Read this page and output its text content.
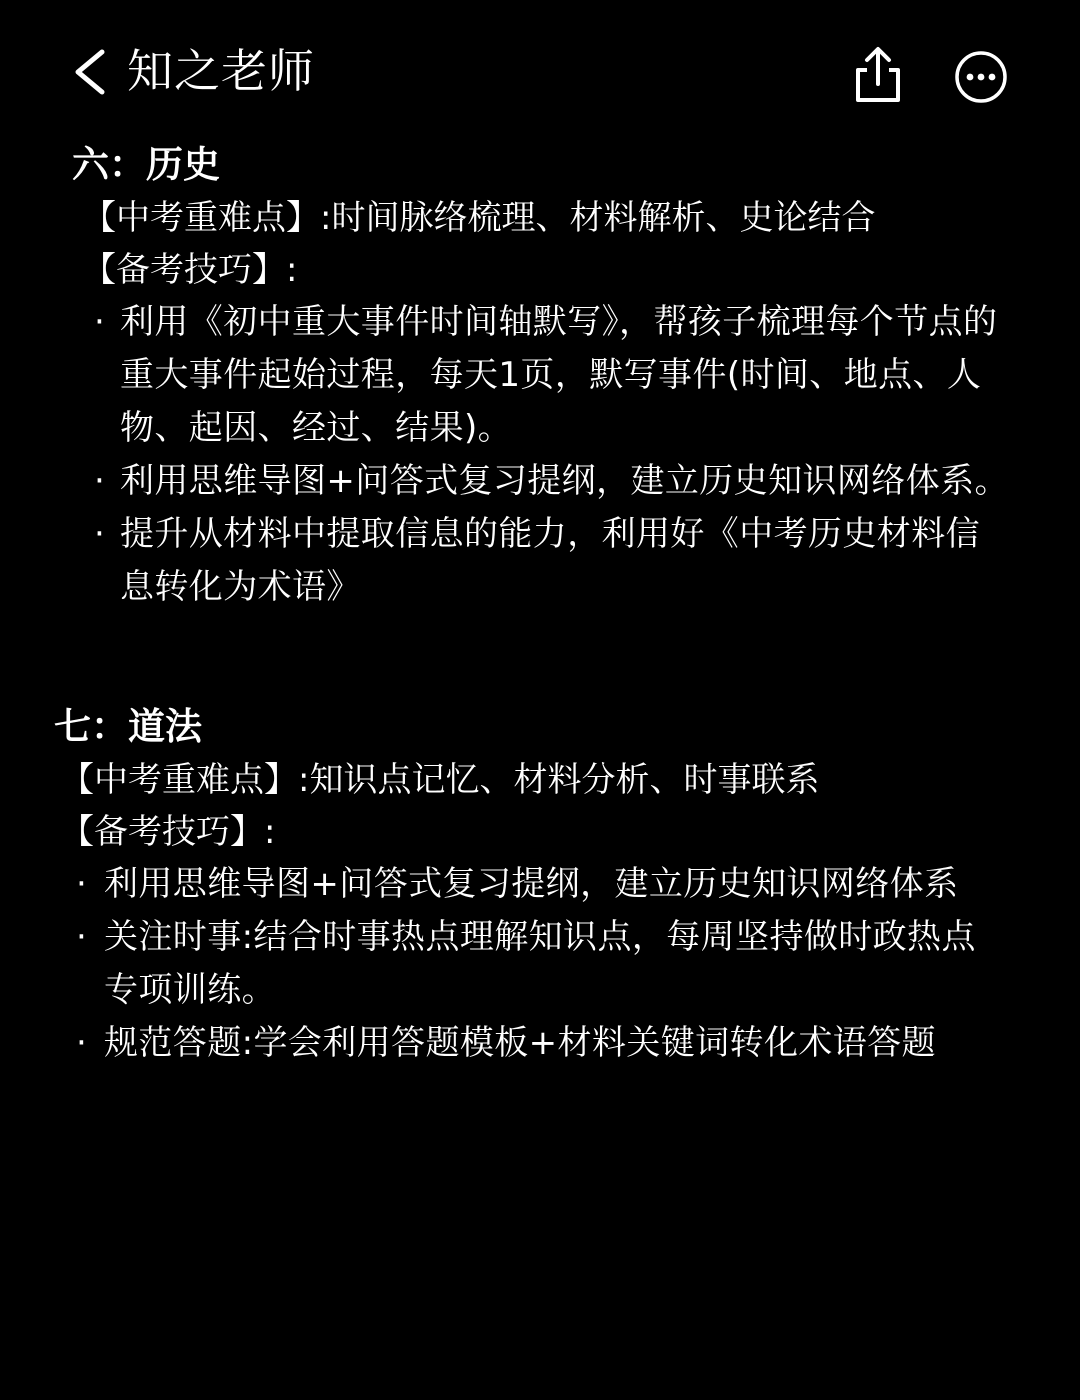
知之老师
六：历史
【中考重难点】:时间脉络梳理、材料解析、史论结合
【备考技巧】:
· 利用《初中重大事件时间轴默写》，帮孩子梳理每个节点的重大事件起始过程，每天1页，默写事件(时间、地点、人物、起因、经过、结果)。
· 利用思维导图+问答式复习提纲，建立历史知识网络体系。
· 提升从材料中提取信息的能力，利用好《中考历史材料信息转化为术语》
七：道法
【中考重难点】:知识点记忆、材料分析、时事联系
【备考技巧】:
· 利用思维导图+问答式复习提纲，建立历史知识网络体系
· 关注时事:结合时事热点理解知识点，每周坚持做时政热点专项训练。
· 规范答题:学会利用答题模板+材料关键词转化术语答题
